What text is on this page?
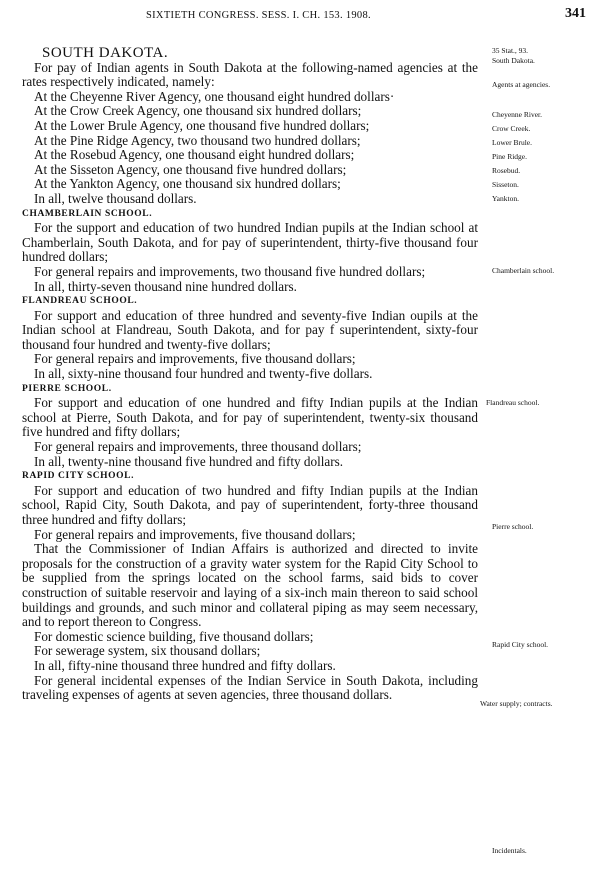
SIXTIETH CONGRESS. SESS. I. CH. 153. 1908.	341

SOUTH DAKOTA.

For pay of Indian agents in South Dakota at the following-named agencies at the rates respectively indicated, namely:

At the Cheyenne River Agency, one thousand eight hundred dollars·

At the Crow Creek Agency, one thousand six hundred dollars;

At the Lower Brule Agency, one thousand five hundred dollars;

At the Pine Ridge Agency, two thousand two hundred dollars;

At the Rosebud Agency, one thousand eight hundred dollars;

At the Sisseton Agency, one thousand five hundred dollars;

At the Yankton Agency, one thousand six hundred dollars;

In all, twelve thousand dollars.

CHAMBERLAIN SCHOOL.

For the support and education of two hundred Indian pupils at the Indian school at Chamberlain, South Dakota, and for pay of superintendent, thirty-five thousand four hundred dollars;

For general repairs and improvements, two thousand five hundred dollars;

In all, thirty-seven thousand nine hundred dollars.

FLANDREAU SCHOOL.

For support and education of three hundred and seventy-five Indian oupils at the Indian school at Flandreau, South Dakota, and for pay f superintendent, sixty-four thousand four hundred and twenty-five dollars;

For general repairs and improvements, five thousand dollars;

In all, sixty-nine thousand four hundred and twenty-five dollars.

PIERRE SCHOOL.

For support and education of one hundred and fifty Indian pupils at the Indian school at Pierre, South Dakota, and for pay of superintendent, twenty-six thousand five hundred and fifty dollars;

For general repairs and improvements, three thousand dollars;

In all, twenty-nine thousand five hundred and fifty dollars.

RAPID CITY SCHOOL.

For support and education of two hundred and fifty Indian pupils at the Indian school, Rapid City, South Dakota, and pay of superintendent, forty-three thousand three hundred and fifty dollars;

For general repairs and improvements, five thousand dollars;

That the Commissioner of Indian Affairs is authorized and directed to invite proposals for the construction of a gravity water system for the Rapid City School to be supplied from the springs located on the school farms, said bids to cover construction of suitable reservoir and laying of a six-inch main thereon to said school buildings and grounds, and such minor and collateral piping as may seem necessary, and to report thereon to Congress.

For domestic science building, five thousand dollars;

For sewerage system, six thousand dollars;

In all, fifty-nine thousand three hundred and fifty dollars.

For general incidental expenses of the Indian Service in South Dakota, including traveling expenses of agents at seven agencies, three thousand dollars.

35 Stat., 93.
South Dakota.
Agents at agencies.
Cheyenne River.
Crow Creek.
Lower Brule.
Pine Ridge.
Rosebud.
Sisseton.
Yankton.
Chamberlain school.
Flandreau school.
Pierre school.
Rapid City school.
Water supply; contracts.
Incidentals.
